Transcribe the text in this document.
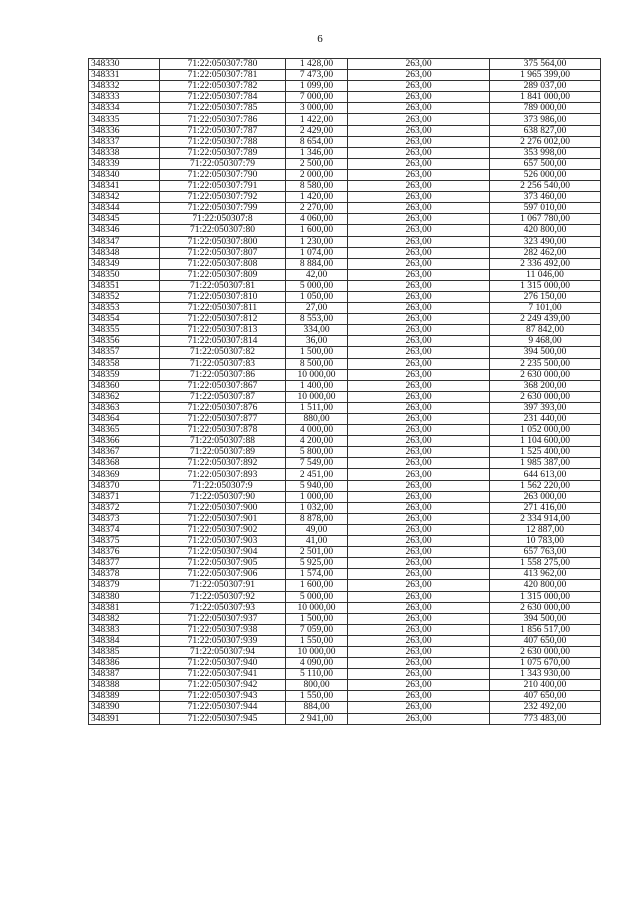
6
348330	71:22:050307:780	1 428,00	263,00	375 564,00
348331	71:22:050307:781	7 473,00	263,00	1 965 399,00
348332	71:22:050307:782	1 099,00	263,00	289 037,00
348333	71:22:050307:784	7 000,00	263,00	1 841 000,00
348334	71:22:050307:785	3 000,00	263,00	789 000,00
348335	71:22:050307:786	1 422,00	263,00	373 986,00
348336	71:22:050307:787	2 429,00	263,00	638 827,00
348337	71:22:050307:788	8 654,00	263,00	2 276 002,00
348338	71:22:050307:789	1 346,00	263,00	353 998,00
348339	71:22:050307:79	2 500,00	263,00	657 500,00
348340	71:22:050307:790	2 000,00	263,00	526 000,00
348341	71:22:050307:791	8 580,00	263,00	2 256 540,00
348342	71:22:050307:792	1 420,00	263,00	373 460,00
348344	71:22:050307:799	2 270,00	263,00	597 010,00
348345	71:22:050307:8	4 060,00	263,00	1 067 780,00
348346	71:22:050307:80	1 600,00	263,00	420 800,00
348347	71:22:050307:800	1 230,00	263,00	323 490,00
348348	71:22:050307:807	1 074,00	263,00	282 462,00
348349	71:22:050307:808	8 884,00	263,00	2 336 492,00
348350	71:22:050307:809	42,00	263,00	11 046,00
348351	71:22:050307:81	5 000,00	263,00	1 315 000,00
348352	71:22:050307:810	1 050,00	263,00	276 150,00
348353	71:22:050307:811	27,00	263,00	7 101,00
348354	71:22:050307:812	8 553,00	263,00	2 249 439,00
348355	71:22:050307:813	334,00	263,00	87 842,00
348356	71:22:050307:814	36,00	263,00	9 468,00
348357	71:22:050307:82	1 500,00	263,00	394 500,00
348358	71:22:050307:83	8 500,00	263,00	2 235 500,00
348359	71:22:050307:86	10 000,00	263,00	2 630 000,00
348360	71:22:050307:867	1 400,00	263,00	368 200,00
348362	71:22:050307:87	10 000,00	263,00	2 630 000,00
348363	71:22:050307:876	1 511,00	263,00	397 393,00
348364	71:22:050307:877	880,00	263,00	231 440,00
348365	71:22:050307:878	4 000,00	263,00	1 052 000,00
348366	71:22:050307:88	4 200,00	263,00	1 104 600,00
348367	71:22:050307:89	5 800,00	263,00	1 525 400,00
348368	71:22:050307:892	7 549,00	263,00	1 985 387,00
348369	71:22:050307:893	2 451,00	263,00	644 613,00
348370	71:22:050307:9	5 940,00	263,00	1 562 220,00
348371	71:22:050307:90	1 000,00	263,00	263 000,00
348372	71:22:050307:900	1 032,00	263,00	271 416,00
348373	71:22:050307:901	8 878,00	263,00	2 334 914,00
348374	71:22:050307:902	49,00	263,00	12 887,00
348375	71:22:050307:903	41,00	263,00	10 783,00
348376	71:22:050307:904	2 501,00	263,00	657 763,00
348377	71:22:050307:905	5 925,00	263,00	1 558 275,00
348378	71:22:050307:906	1 574,00	263,00	413 962,00
348379	71:22:050307:91	1 600,00	263,00	420 800,00
348380	71:22:050307:92	5 000,00	263,00	1 315 000,00
348381	71:22:050307:93	10 000,00	263,00	2 630 000,00
348382	71:22:050307:937	1 500,00	263,00	394 500,00
348383	71:22:050307:938	7 059,00	263,00	1 856 517,00
348384	71:22:050307:939	1 550,00	263,00	407 650,00
348385	71:22:050307:94	10 000,00	263,00	2 630 000,00
348386	71:22:050307:940	4 090,00	263,00	1 075 670,00
348387	71:22:050307:941	5 110,00	263,00	1 343 930,00
348388	71:22:050307:942	800,00	263,00	210 400,00
348389	71:22:050307:943	1 550,00	263,00	407 650,00
348390	71:22:050307:944	884,00	263,00	232 492,00
348391	71:22:050307:945	2 941,00	263,00	773 483,00
